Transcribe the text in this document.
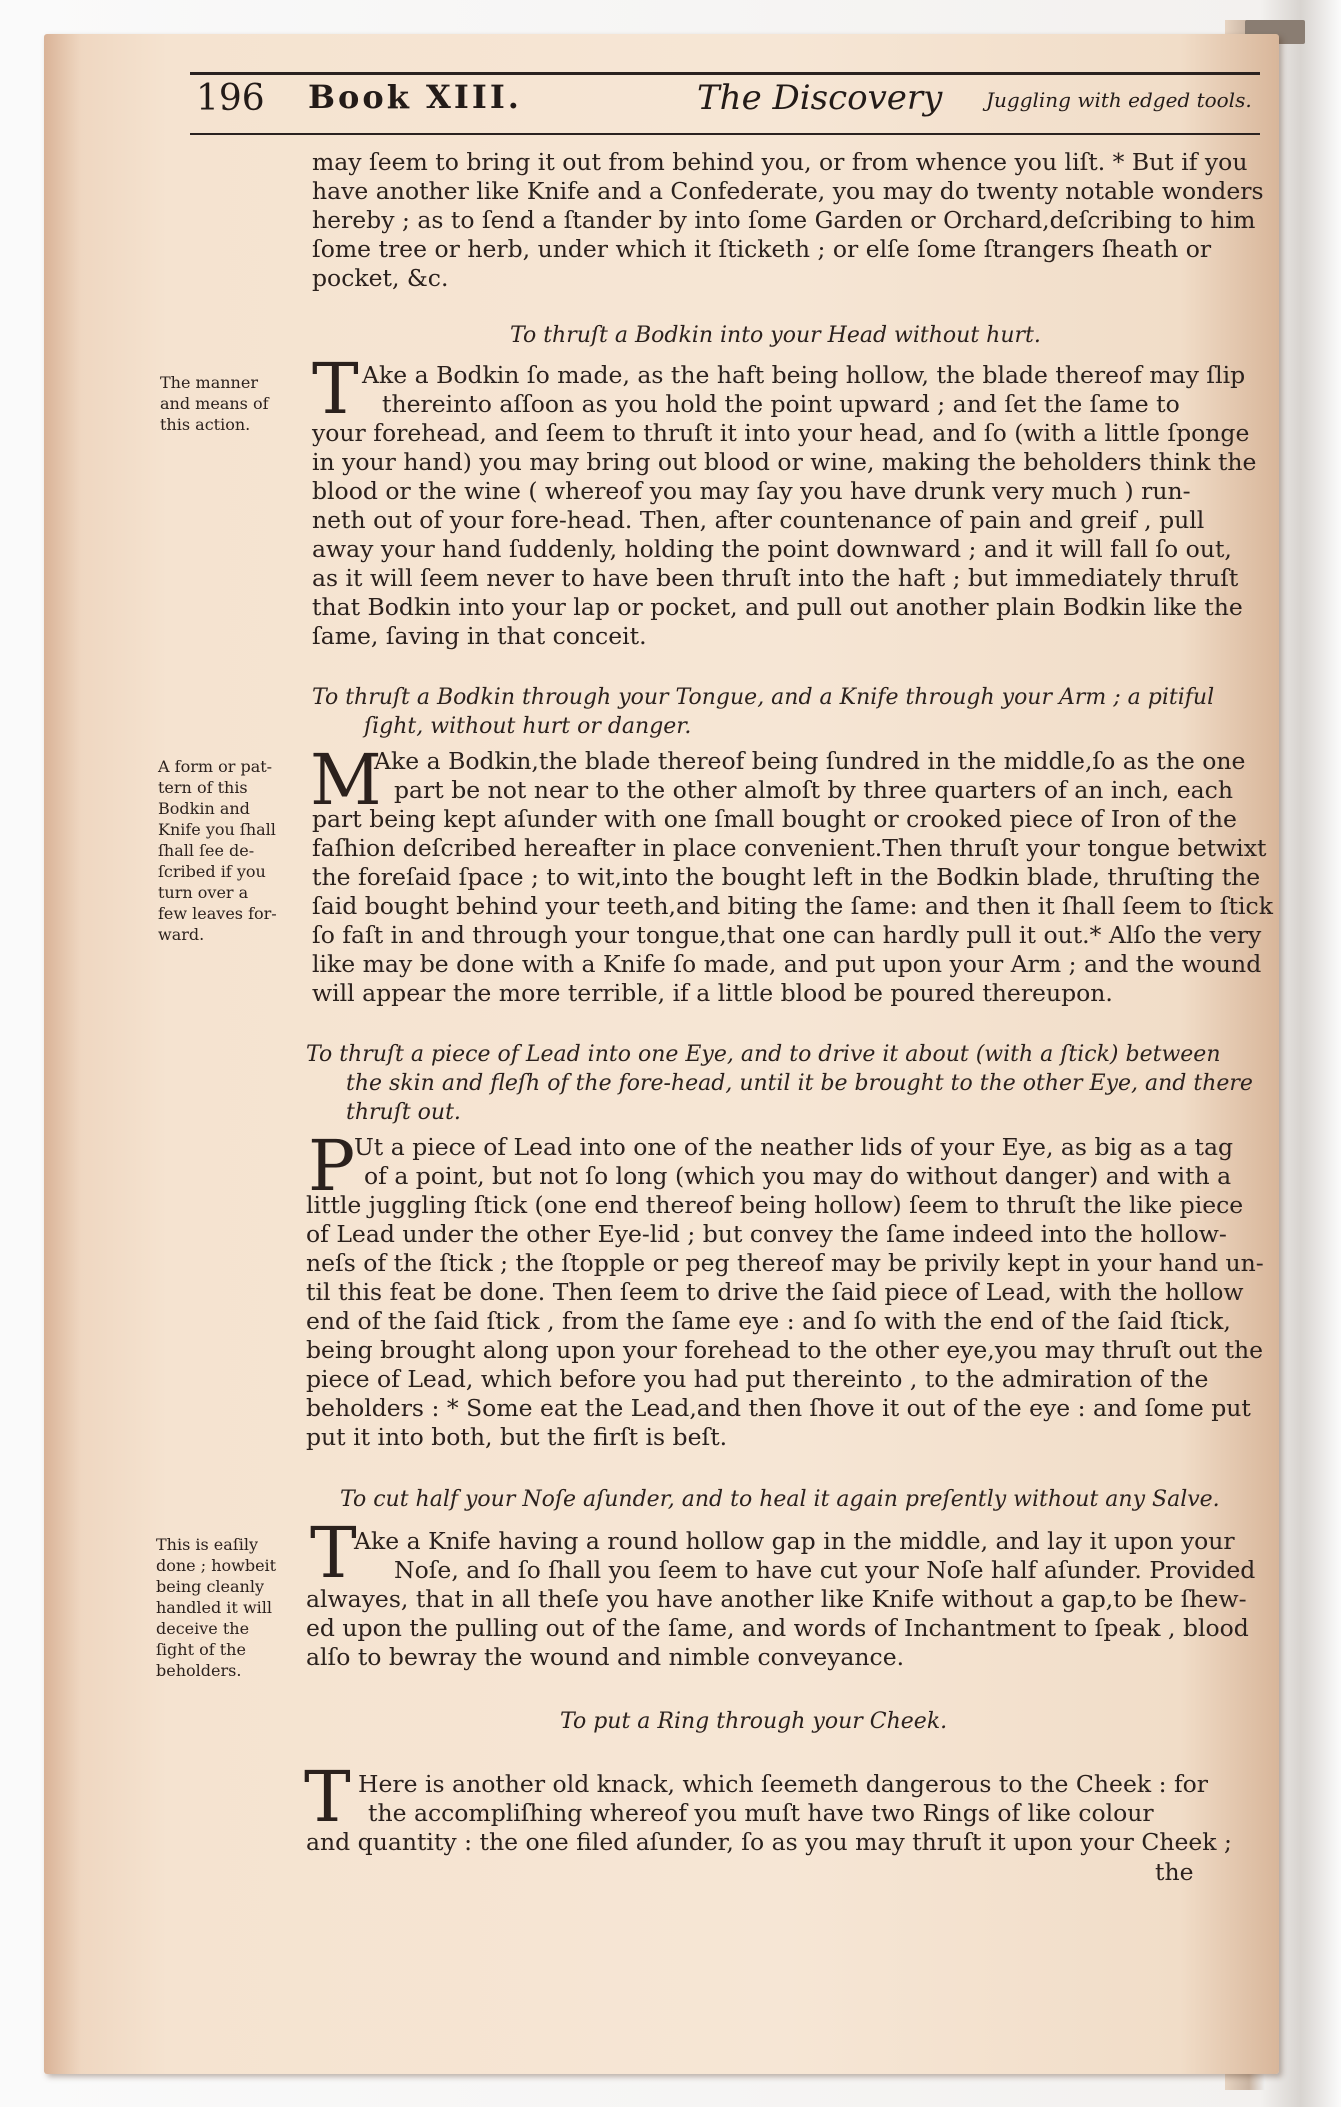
196 Book XIII.	The Discovery Juggling with edged tools.
may ſeem to bring it out from behind you, or from whence you liſt. * But if you
have another like Knife and a Confederate, you may do twenty notable wonders
hereby ; as to ſend a ſtander by into ſome Garden or Orchard,deſcribing to him
ſome tree or herb, under which it ſticketh ; or elſe ſome ſtrangers ſheath or
pocket, &c.
To thruſt a Bodkin into your Head without hurt.
T
The manner
and means of
this action.
Ake a Bodkin ſo made, as the haft being hollow, the blade thereof may ſlip
thereinto aſſoon as you hold the point upward ; and ſet the ſame to
your forehead, and ſeem to thruſt it into your head, and ſo (with a little ſponge
in your hand) you may bring out blood or wine, making the beholders think the
blood or the wine ( whereof you may ſay you have drunk very much ) run-
neth out of your fore-head. Then, after countenance of pain and greif , pull
away your hand ſuddenly, holding the point downward ; and it will fall ſo out,
as it will ſeem never to have been thruſt into the haft ; but immediately thruſt
that Bodkin into your lap or pocket, and pull out another plain Bodkin like the
ſame, ſaving in that conceit.
To thruſt a Bodkin through your Tongue, and a Knife through your Arm ; a pitiful
ſight, without hurt or danger.
M
A form or pat-
tern of this
Bodkin and
Knife you ſhall
ſhall ſee de-
ſcribed if you
turn over a
few leaves for-
ward.
Ake a Bodkin,the blade thereof being ſundred in the middle,ſo as the one
part be not near to the other almoſt by three quarters of an inch, each
part being kept aſunder with one ſmall bought or crooked piece of Iron of the
faſhion deſcribed hereafter in place convenient.Then thruſt your tongue betwixt
the foreſaid ſpace ; to wit,into the bought left in the Bodkin blade, thruſting the
ſaid bought behind your teeth,and biting the ſame: and then it ſhall ſeem to ſtick
ſo faſt in and through your tongue,that one can hardly pull it out.* Alſo the very
like may be done with a Knife ſo made, and put upon your Arm ; and the wound
will appear the more terrible, if a little blood be poured thereupon.
To thruſt a piece of Lead into one Eye, and to drive it about (with a ſtick) between
the skin and fleſh of the fore-head, until it be brought to the other Eye, and there
thruſt out.
P
Ut a piece of Lead into one of the neather lids of your Eye, as big as a tag
of a point, but not ſo long (which you may do without danger) and with a
little juggling ſtick (one end thereof being hollow) ſeem to thruſt the like piece
of Lead under the other Eye-lid ; but convey the ſame indeed into the hollow-
neſs of the ſtick ; the ſtopple or peg thereof may be privily kept in your hand un-
til this feat be done. Then ſeem to drive the ſaid piece of Lead, with the hollow
end of the ſaid ſtick , from the ſame eye : and ſo with the end of the ſaid ſtick,
being brought along upon your forehead to the other eye,you may thruſt out the
piece of Lead, which before you had put thereinto , to the admiration of the
beholders : * Some eat the Lead,and then ſhove it out of the eye : and ſome put
put it into both, but the firſt is beſt.
To cut half your Noſe aſunder, and to heal it again preſently without any Salve.
T
This is eaſily
done ; howbeit
being cleanly
handled it will
deceive the
ſight of the
beholders.
Ake a Knife having a round hollow gap in the middle, and lay it upon your
Noſe, and ſo ſhall you ſeem to have cut your Noſe half aſunder. Provided
alwayes, that in all theſe you have another like Knife without a gap,to be ſhew-
ed upon the pulling out of the ſame, and words of Inchantment to ſpeak , blood
alſo to bewray the wound and nimble conveyance.
To put a Ring through your Cheek.
T Here is another old knack, which ſeemeth dangerous to the Cheek : for
the accompliſhing whereof you muſt have two Rings of like colour
and quantity : the one filed aſunder, ſo as you may thruſt it upon your Cheek ;
the
